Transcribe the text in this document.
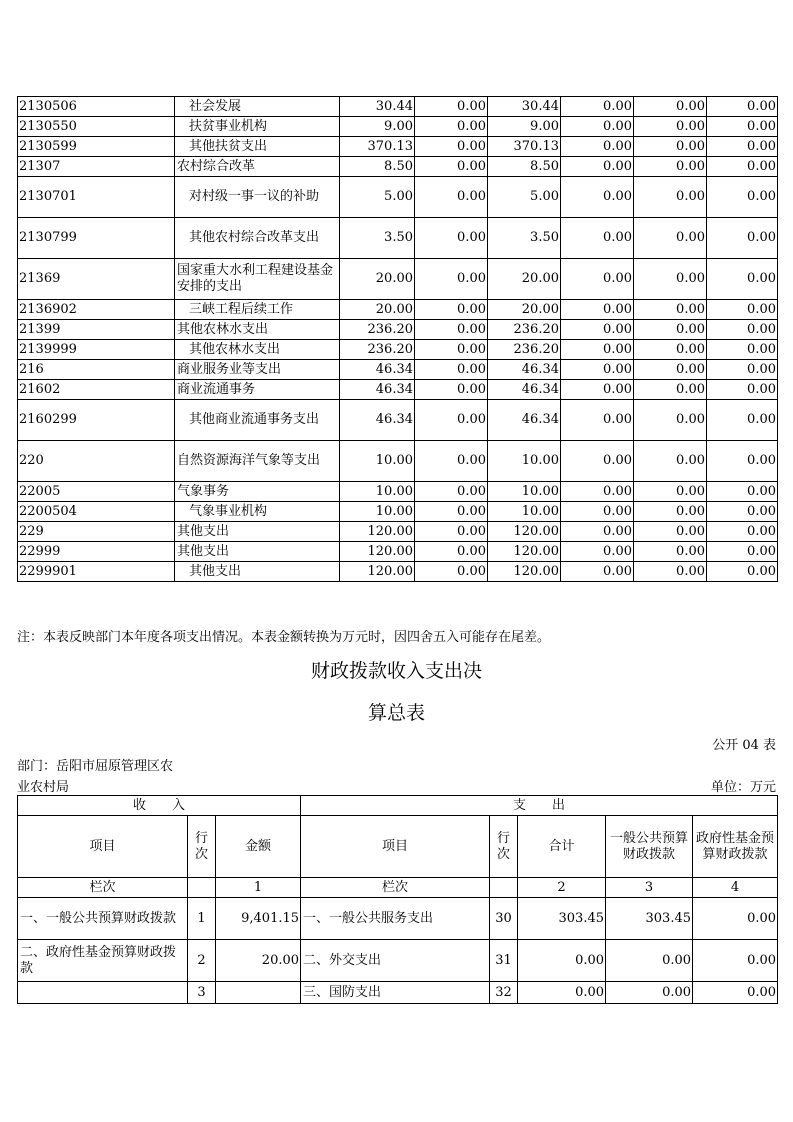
2130506	社会发展	30.44	0.00	30.44	0.00	0.00	0.00
2130550	扶贫事业机构	9.00	0.00	9.00	0.00	0.00	0.00
2130599	其他扶贫支出	370.13	0.00	370.13	0.00	0.00	0.00
21307	农村综合改革	8.50	0.00	8.50	0.00	0.00	0.00
2130701	对村级一事一议的补助	5.00	0.00	5.00	0.00	0.00	0.00
2130799	其他农村综合改革支出	3.50	0.00	3.50	0.00	0.00	0.00
21369	国家重大水利工程建设基金安排的支出	20.00	0.00	20.00	0.00	0.00	0.00
2136902	三峡工程后续工作	20.00	0.00	20.00	0.00	0.00	0.00
21399	其他农林水支出	236.20	0.00	236.20	0.00	0.00	0.00
2139999	其他农林水支出	236.20	0.00	236.20	0.00	0.00	0.00
216	商业服务业等支出	46.34	0.00	46.34	0.00	0.00	0.00
21602	商业流通事务	46.34	0.00	46.34	0.00	0.00	0.00
2160299	其他商业流通事务支出	46.34	0.00	46.34	0.00	0.00	0.00
220	自然资源海洋气象等支出	10.00	0.00	10.00	0.00	0.00	0.00
22005	气象事务	10.00	0.00	10.00	0.00	0.00	0.00
2200504	气象事业机构	10.00	0.00	10.00	0.00	0.00	0.00
229	其他支出	120.00	0.00	120.00	0.00	0.00	0.00
22999	其他支出	120.00	0.00	120.00	0.00	0.00	0.00
2299901	其他支出	120.00	0.00	120.00	0.00	0.00	0.00
注：本表反映部门本年度各项支出情况。本表金额转换为万元时，因四舍五入可能存在尾差。
财政拨款收入支出决
算总表
公开 04 表
部门：岳阳市屈原管理区农
业农村局	单位：万元
收　　入			支　　出				
项目	行次	金额	项目	行次	合计	一般公共预算财政拨款	政府性基金预算财政拨款
栏次		1	栏次		2	3	4
一、一般公共预算财政拨款	1	9,401.15	一、一般公共服务支出	30	303.45	303.45	0.00
二、政府性基金预算财政拨款	2	20.00	二、外交支出	31	0.00	0.00	0.00
	3		三、国防支出	32	0.00	0.00	0.00
